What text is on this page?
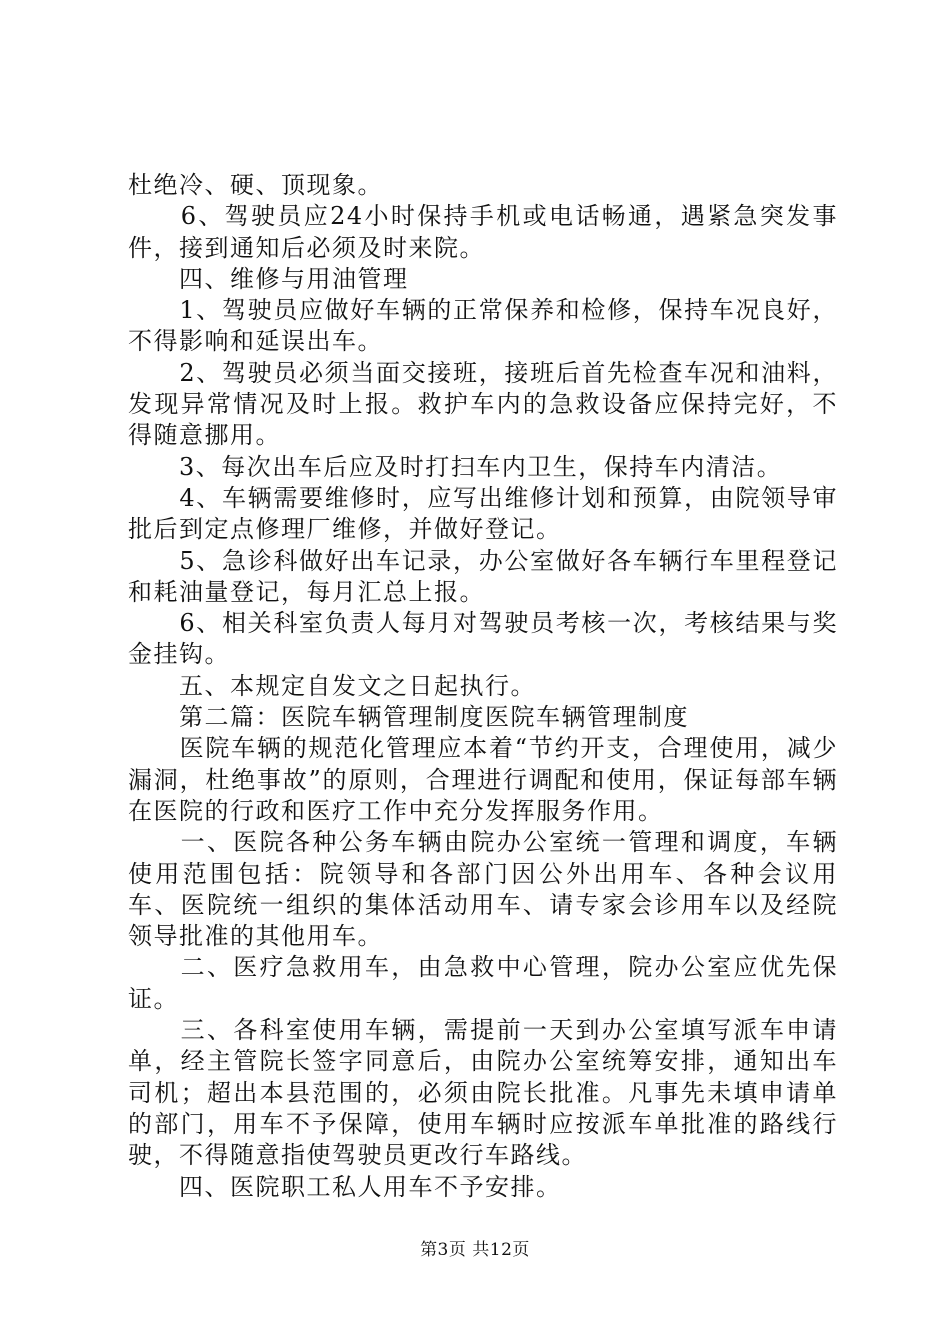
杜绝冷、硬、顶现象。

　　6、驾驶员应24小时保持手机或电话畅通，遇紧急突发事件，接到通知后必须及时来院。

　　四、维修与用油管理

　　1、驾驶员应做好车辆的正常保养和检修，保持车况良好，不得影响和延误出车。

　　2、驾驶员必须当面交接班，接班后首先检查车况和油料，发现异常情况及时上报。救护车内的急救设备应保持完好，不得随意挪用。

　　3、每次出车后应及时打扫车内卫生，保持车内清洁。

　　4、车辆需要维修时，应写出维修计划和预算，由院领导审批后到定点修理厂维修，并做好登记。

　　5、急诊科做好出车记录，办公室做好各车辆行车里程登记和耗油量登记，每月汇总上报。

　　6、相关科室负责人每月对驾驶员考核一次，考核结果与奖金挂钩。

　　五、本规定自发文之日起执行。

　　第二篇：医院车辆管理制度医院车辆管理制度

　　医院车辆的规范化管理应本着“节约开支，合理使用，减少漏洞，杜绝事故”的原则，合理进行调配和使用，保证每部车辆在医院的行政和医疗工作中充分发挥服务作用。

　　一、医院各种公务车辆由院办公室统一管理和调度，车辆使用范围包括：院领导和各部门因公外出用车、各种会议用车、医院统一组织的集体活动用车、请专家会诊用车以及经院领导批准的其他用车。

　　二、医疗急救用车，由急救中心管理，院办公室应优先保证。

　　三、各科室使用车辆，需提前一天到办公室填写派车申请单，经主管院长签字同意后，由院办公室统筹安排，通知出车司机；超出本县范围的，必须由院长批准。凡事先未填申请单的部门，用车不予保障，使用车辆时应按派车单批准的路线行驶，不得随意指使驾驶员更改行车路线。

　　四、医院职工私人用车不予安排。

第3页 共12页
